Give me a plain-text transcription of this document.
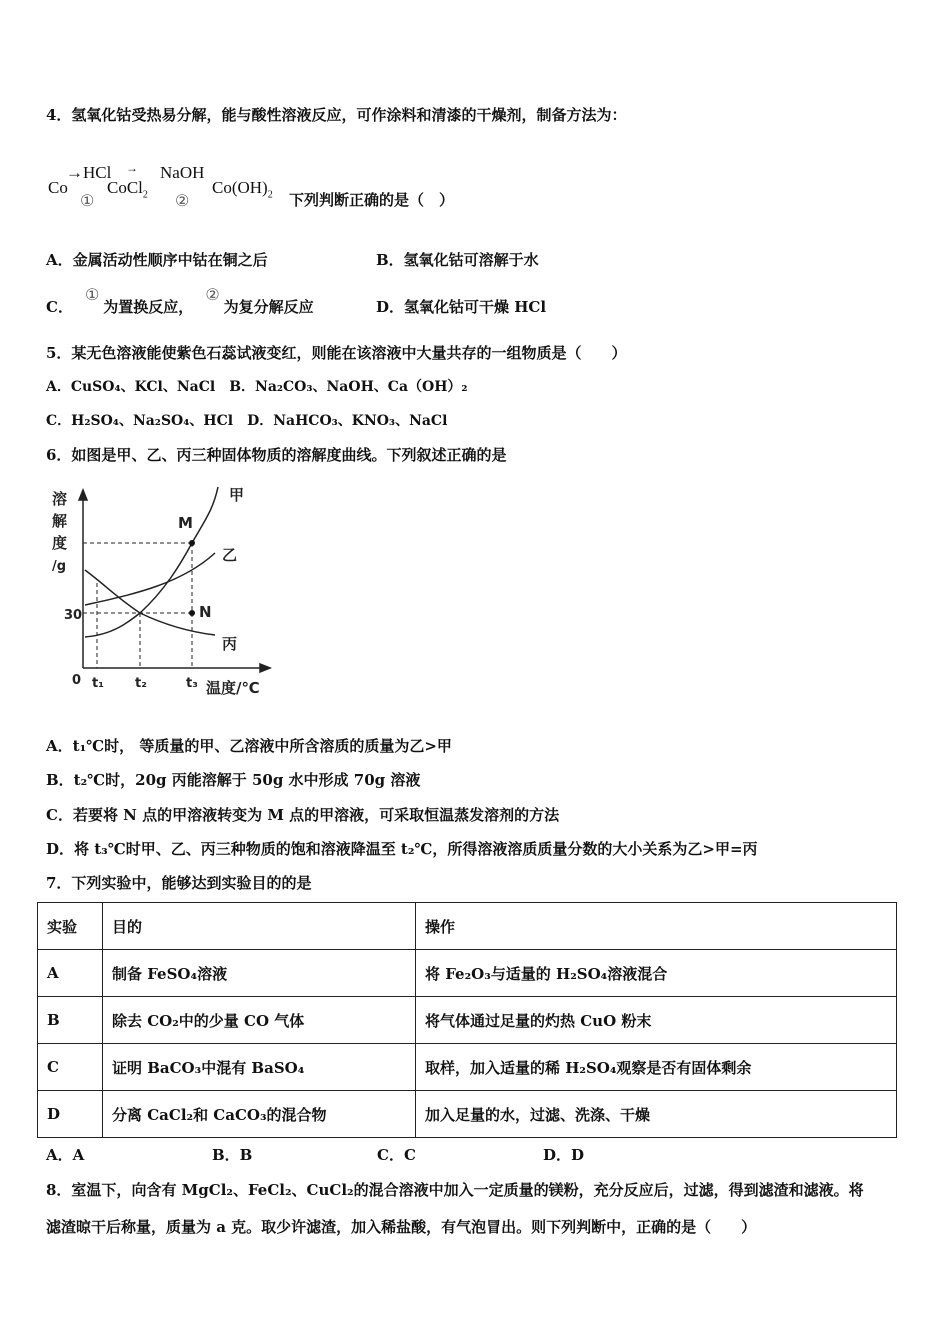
4．氢氧化钴受热易分解，能与酸性溶液反应，可作涂料和清漆的干燥剂，制备方法为：
Co
→HCl
①
CoCl$_2$
→ NaOH
②
$Co(OH)_2$ 下列判断正确的是（　）
A．金属活动性顺序中钴在铜之后	B．氢氧化钴可溶解于水
C．①为置换反应，②为复分解反应	D．氢氧化钴可干燥 HCl
5．某无色溶液能使紫色石蕊试液变红，则能在该溶液中大量共存的一组物质是（　　）
A．CuSO₄、KCl、NaCl　B．Na₂CO₃、NaOH、Ca（OH）₂
C．H₂SO₄、Na₂SO₄、HCl　D．NaHCO₃、KNO₃、NaCl
6．如图是甲、乙、丙三种固体物质的溶解度曲线。下列叙述正确的是
溶
解
度
/g
30
0 t₁ t₂	t₃ 温度/℃
甲
乙
丙
M
N
A．t₁℃时， 等质量的甲、乙溶液中所含溶质的质量为乙>甲
B．t₂℃时，20g 丙能溶解于 50g 水中形成 70g 溶液
C．若要将 N 点的甲溶液转变为 M 点的甲溶液，可采取恒温蒸发溶剂的方法
D．将 t₃℃时甲、乙、丙三种物质的饱和溶液降温至 t₂℃，所得溶液溶质质量分数的大小关系为乙>甲=丙
7．下列实验中，能够达到实验目的的是
实验	目的	操作
A	制备 FeSO₄溶液	将 Fe₂O₃与适量的 H₂SO₄溶液混合
B	除去 CO₂中的少量 CO 气体	将气体通过足量的灼热 CuO 粉末
C	证明 BaCO₃中混有 BaSO₄	取样，加入适量的稀 H₂SO₄观察是否有固体剩余
D	分离 CaCl₂和 CaCO₃的混合物	加入足量的水，过滤、洗涤、干燥
A．A	B．B	C．C	D．D
8．室温下，向含有 MgCl₂、FeCl₂、CuCl₂的混合溶液中加入一定质量的镁粉，充分反应后，过滤，得到滤渣和滤液。将
滤渣晾干后称量，质量为 a 克。取少许滤渣，加入稀盐酸，有气泡冒出。则下列判断中，正确的是（　　）
